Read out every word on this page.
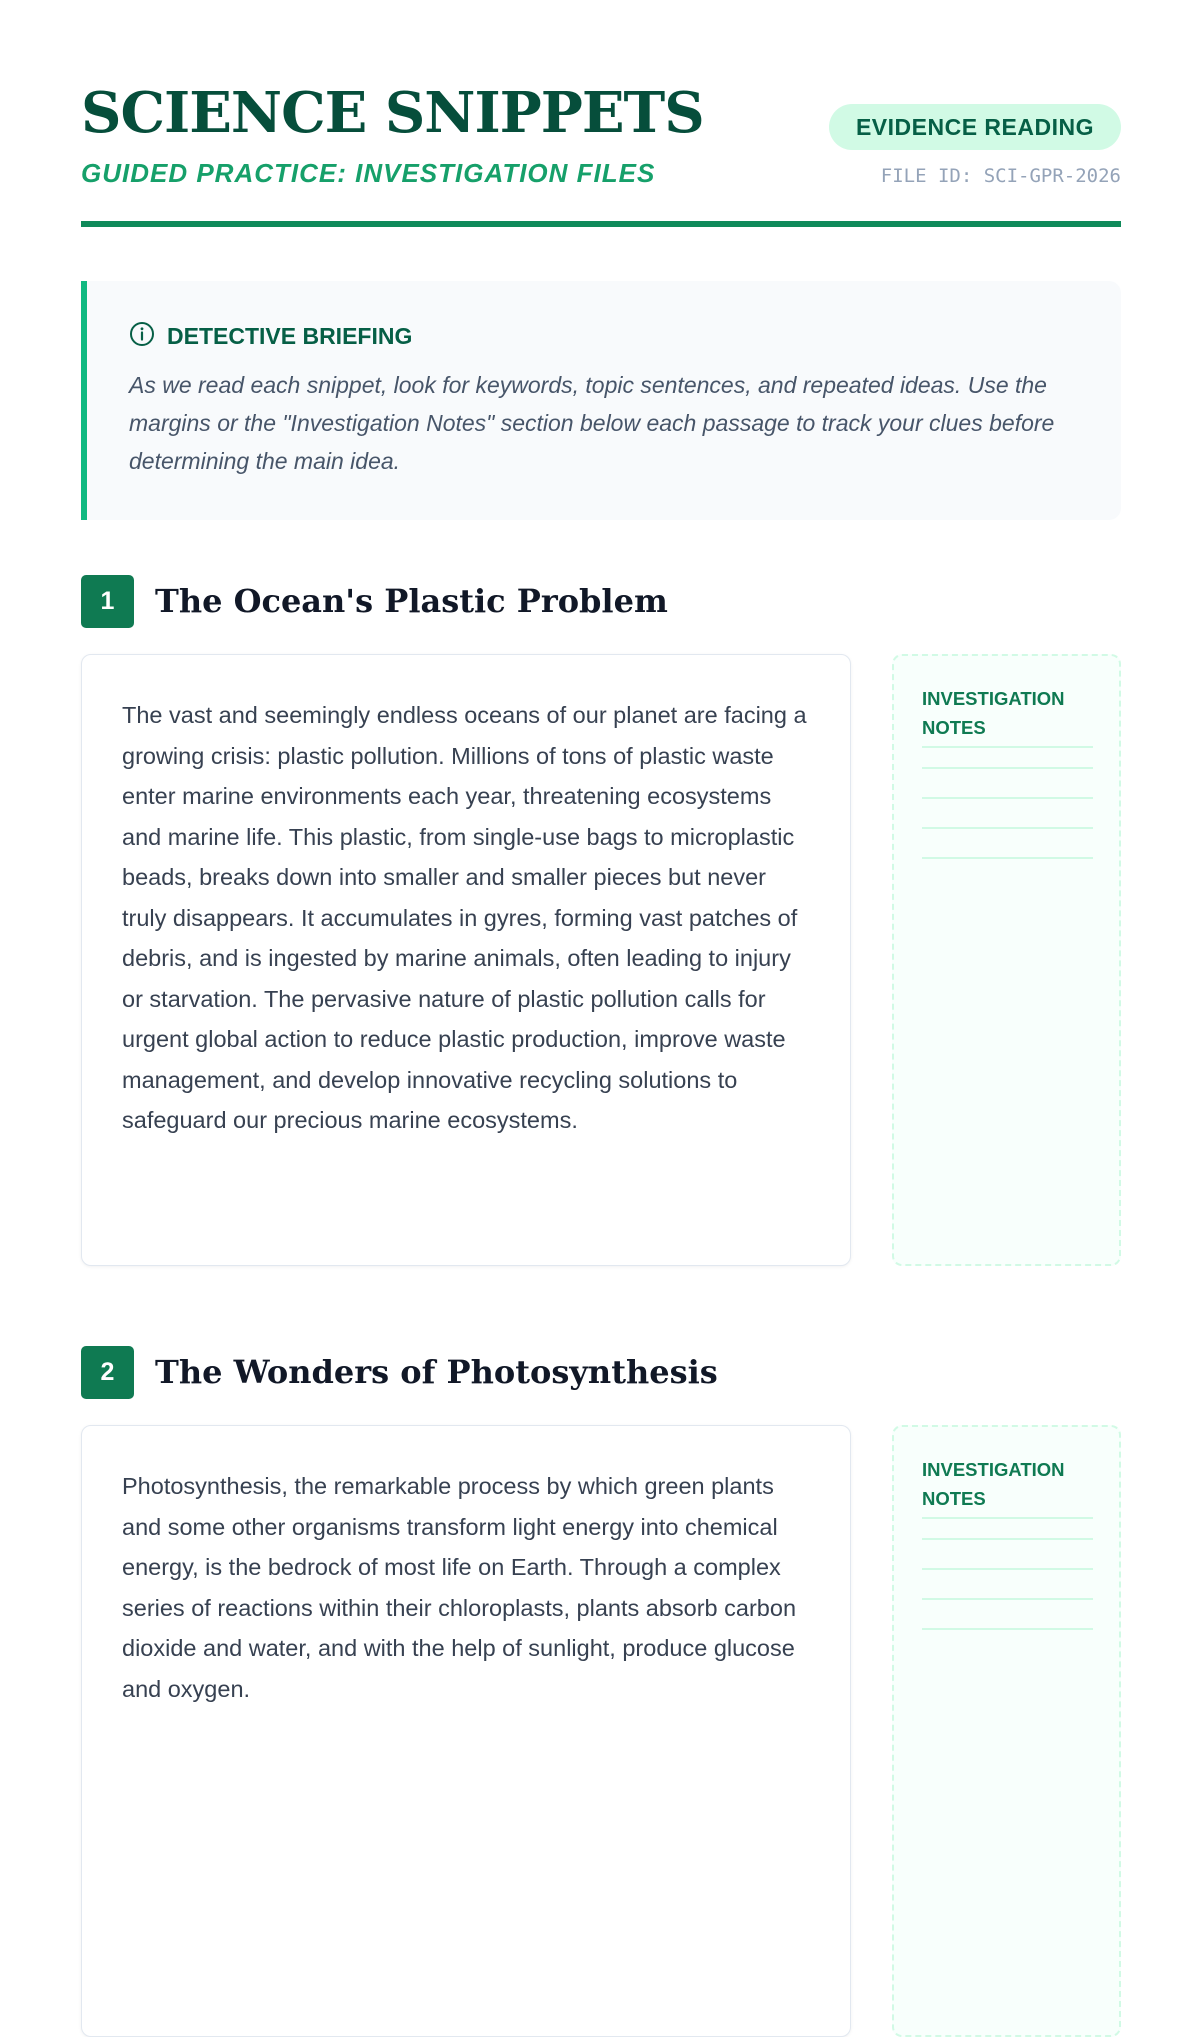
SCIENCE SNIPPETS
GUIDED PRACTICE: INVESTIGATION FILES
EVIDENCE READING
FILE ID: SCI-GPR-2026
DETECTIVE BRIEFING

As we read each snippet, look for keywords, topic sentences, and repeated ideas. Use the margins or the "Investigation Notes" section below each passage to track your clues before determining the main idea.

1	The Ocean's Plastic Problem

The vast and seemingly endless oceans of our planet are facing a growing crisis: plastic pollution. Millions of tons of plastic waste enter marine environments each year, threatening ecosystems and marine life. This plastic, from single-use bags to microplastic beads, breaks down into smaller and smaller pieces but never truly disappears. It accumulates in gyres, forming vast patches of debris, and is ingested by marine animals, often leading to injury or starvation. The pervasive nature of plastic pollution calls for urgent global action to reduce plastic production, improve waste management, and develop innovative recycling solutions to safeguard our precious marine ecosystems.

INVESTIGATION NOTES
2	The Wonders of Photosynthesis

Photosynthesis, the remarkable process by which green plants and some other organisms transform light energy into chemical energy, is the bedrock of most life on Earth. Through a complex series of reactions within their chloroplasts, plants absorb carbon dioxide and water, and with the help of sunlight, produce glucose and oxygen.

INVESTIGATION NOTES
